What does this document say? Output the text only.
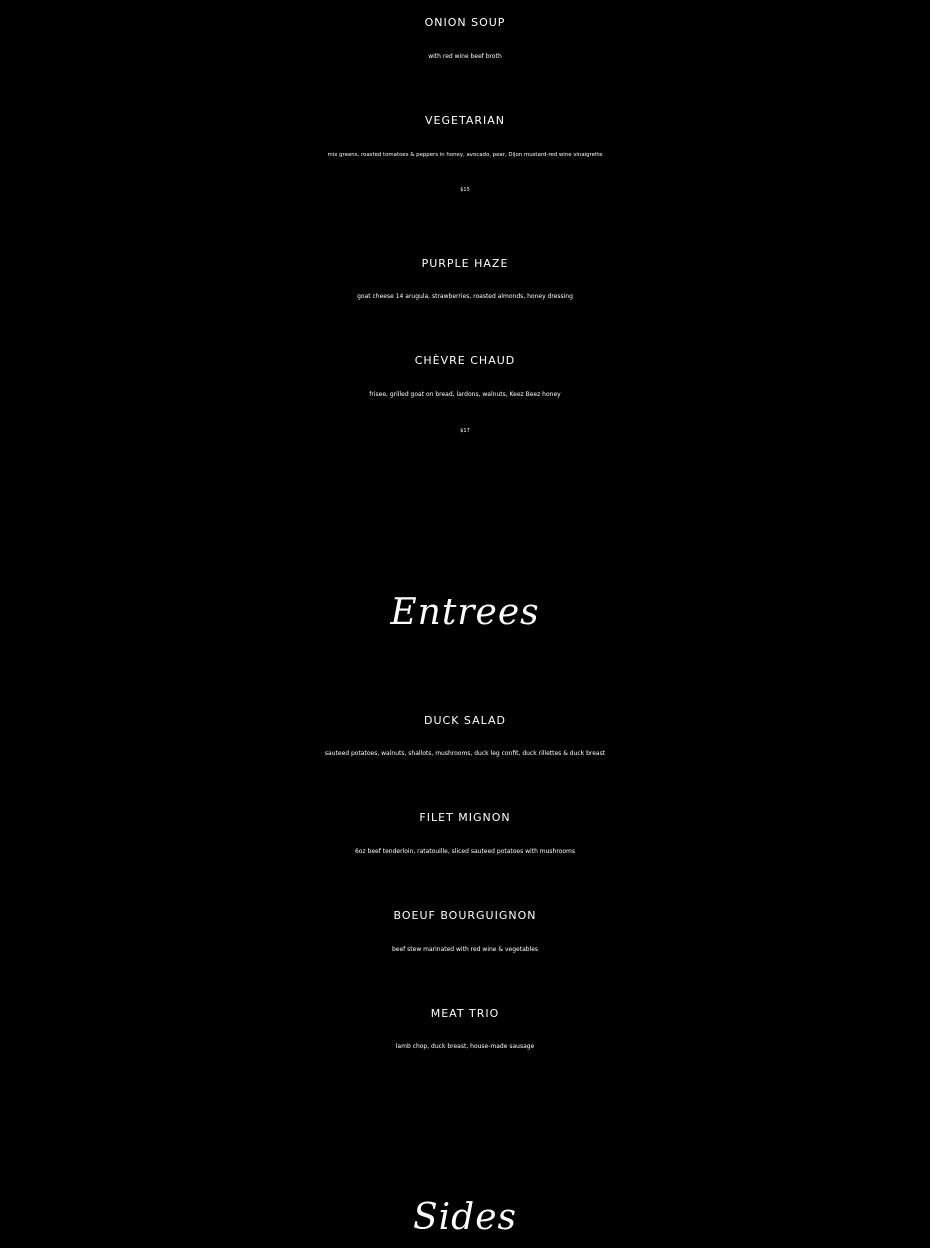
ONION SOUP

with red wine beef broth

VEGETARIAN

mix greens, roasted tomatoes & peppers in honey, avocado, pear, Dijon mustard-red wine vinaigrette

$15

PURPLE HAZE

goat cheese 14 arugula, strawberries, roasted almonds, honey dressing

CHÈVRE CHAUD

frisee, grilled goat on bread, lardons, walnuts, Keez Beez honey

$17

Entrees
DUCK SALAD

sauteed potatoes, walnuts, shallots, mushrooms, duck leg confit, duck rillettes & duck breast

FILET MIGNON

6oz beef tenderloin, ratatouille, sliced sauteed potatoes with mushrooms

BOEUF BOURGUIGNON

beef stew marinated with red wine & vegetables

MEAT TRIO

lamb chop, duck breast, house-made sausage

Sides
